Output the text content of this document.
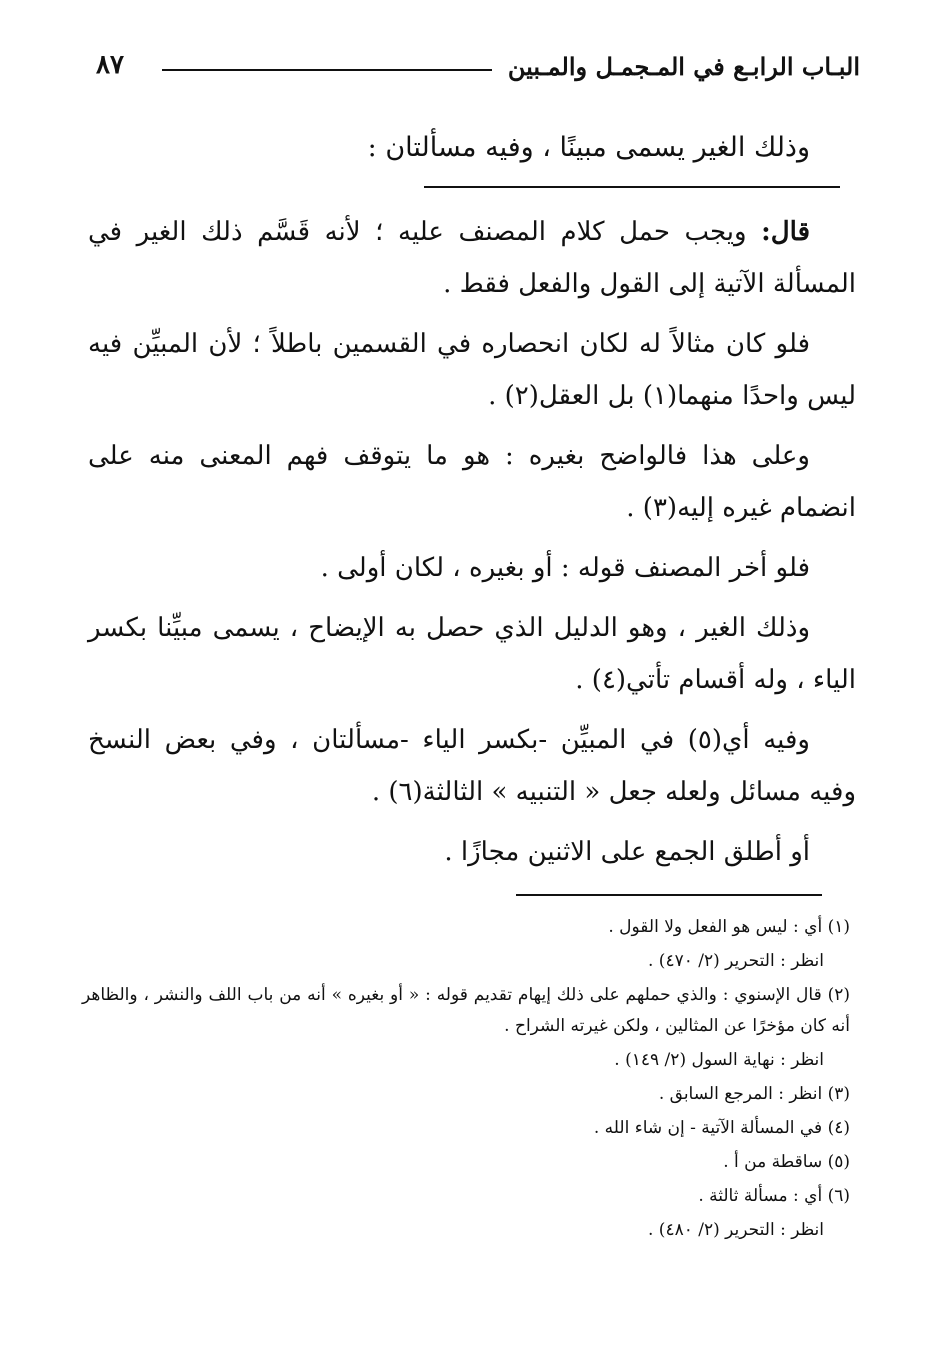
البـاب الرابـع في المـجمـل والمـبين
٨٧
وذلك الغير يسمى مبينًا ، وفيه مسألتان :

قال: ويجب حمل كلام المصنف عليه ؛ لأنه قَسَّم ذلك الغير في المسألة الآتية إلى القول والفعل فقط .

فلو كان مثالاً له لكان انحصاره في القسمين باطلاً ؛ لأن المبيِّن فيه ليس واحدًا منهما(١) بل العقل(٢) .

وعلى هذا فالواضح بغيره : هو ما يتوقف فهم المعنى منه على انضمام غيره إليه(٣) .

فلو أخر المصنف قوله : أو بغيره ، لكان أولى .

وذلك الغير ، وهو الدليل الذي حصل به الإيضاح ، يسمى مبيِّنا بكسر الياء ، وله أقسام تأتي(٤) .

وفيه أي(٥) في المبيِّن -بكسر الياء -مسألتان ، وفي بعض النسخ وفيه مسائل ولعله جعل « التنبيه » الثالثة(٦) .

أو أطلق الجمع على الاثنين مجازًا .

(١) أي : ليس هو الفعل ولا القول .
انظر : التحرير (٢/ ٤٧٠) .
(٢) قال الإسنوي : والذي حملهم على ذلك إيهام تقديم قوله : « أو بغيره » أنه من باب اللف والنشر ، والظاهر أنه كان مؤخرًا عن المثالين ، ولكن غيرته الشراح .
انظر : نهاية السول (٢/ ١٤٩) .
(٣) انظر : المرجع السابق .
(٤) في المسألة الآتية - إن شاء الله .
(٥) ساقطة من أ .
(٦) أي : مسألة ثالثة .
انظر : التحرير (٢/ ٤٨٠) .
